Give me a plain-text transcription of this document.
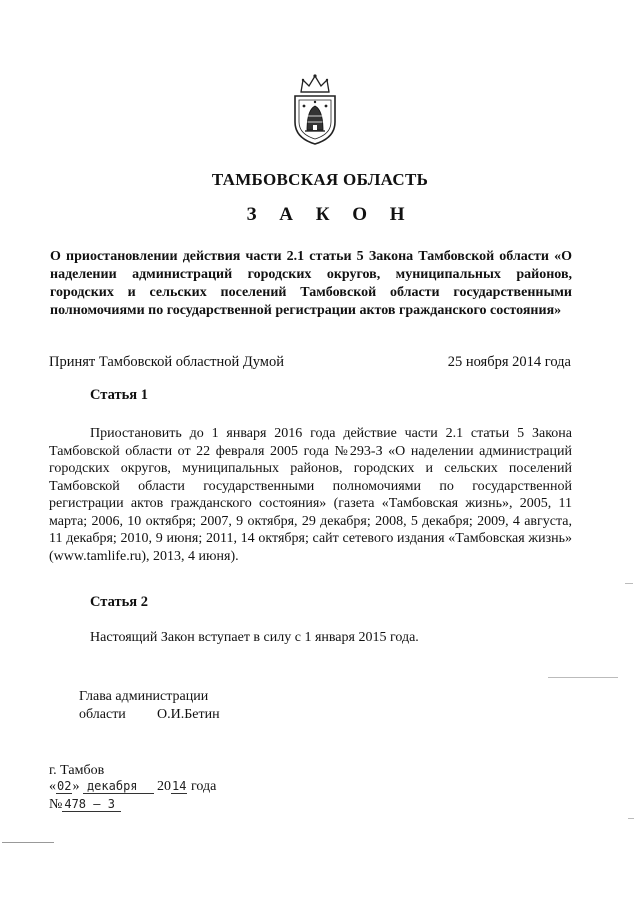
ТАМБОВСКАЯ ОБЛАСТЬ
З А К О Н
О приостановлении действия части 2.1 статьи 5 Закона Тамбовской области «О наделении администраций городских округов, муниципальных районов, городских и сельских поселений Тамбовской области государственными полномочиями по государственной регистрации актов гражданского состояния»
Принят Тамбовской областной Думой	25 ноября 2014 года
Статья 1
Приостановить до 1 января 2016 года действие части 2.1 статьи 5 Закона Тамбовской области от 22 февраля 2005 года №293-З «О наделении администраций городских округов, муниципальных районов, городских и сельских поселений Тамбовской области государственными полномочиями по государственной регистрации актов гражданского состояния» (газета «Тамбовская жизнь», 2005, 11 марта; 2006, 10 октября; 2007, 9 октября, 29 декабря; 2008, 5 декабря; 2009, 4 августа, 11 декабря; 2010, 9 июня; 2011, 14 октября; сайт сетевого издания «Тамбовская жизнь» (www.tamlife.ru), 2013, 4 июня).
Статья 2
Настоящий Закон вступает в силу с 1 января 2015 года.
Глава администрации
области О.И.Бетин
г. Тамбов
«02» декабря 2014 года
№ 478 – З
